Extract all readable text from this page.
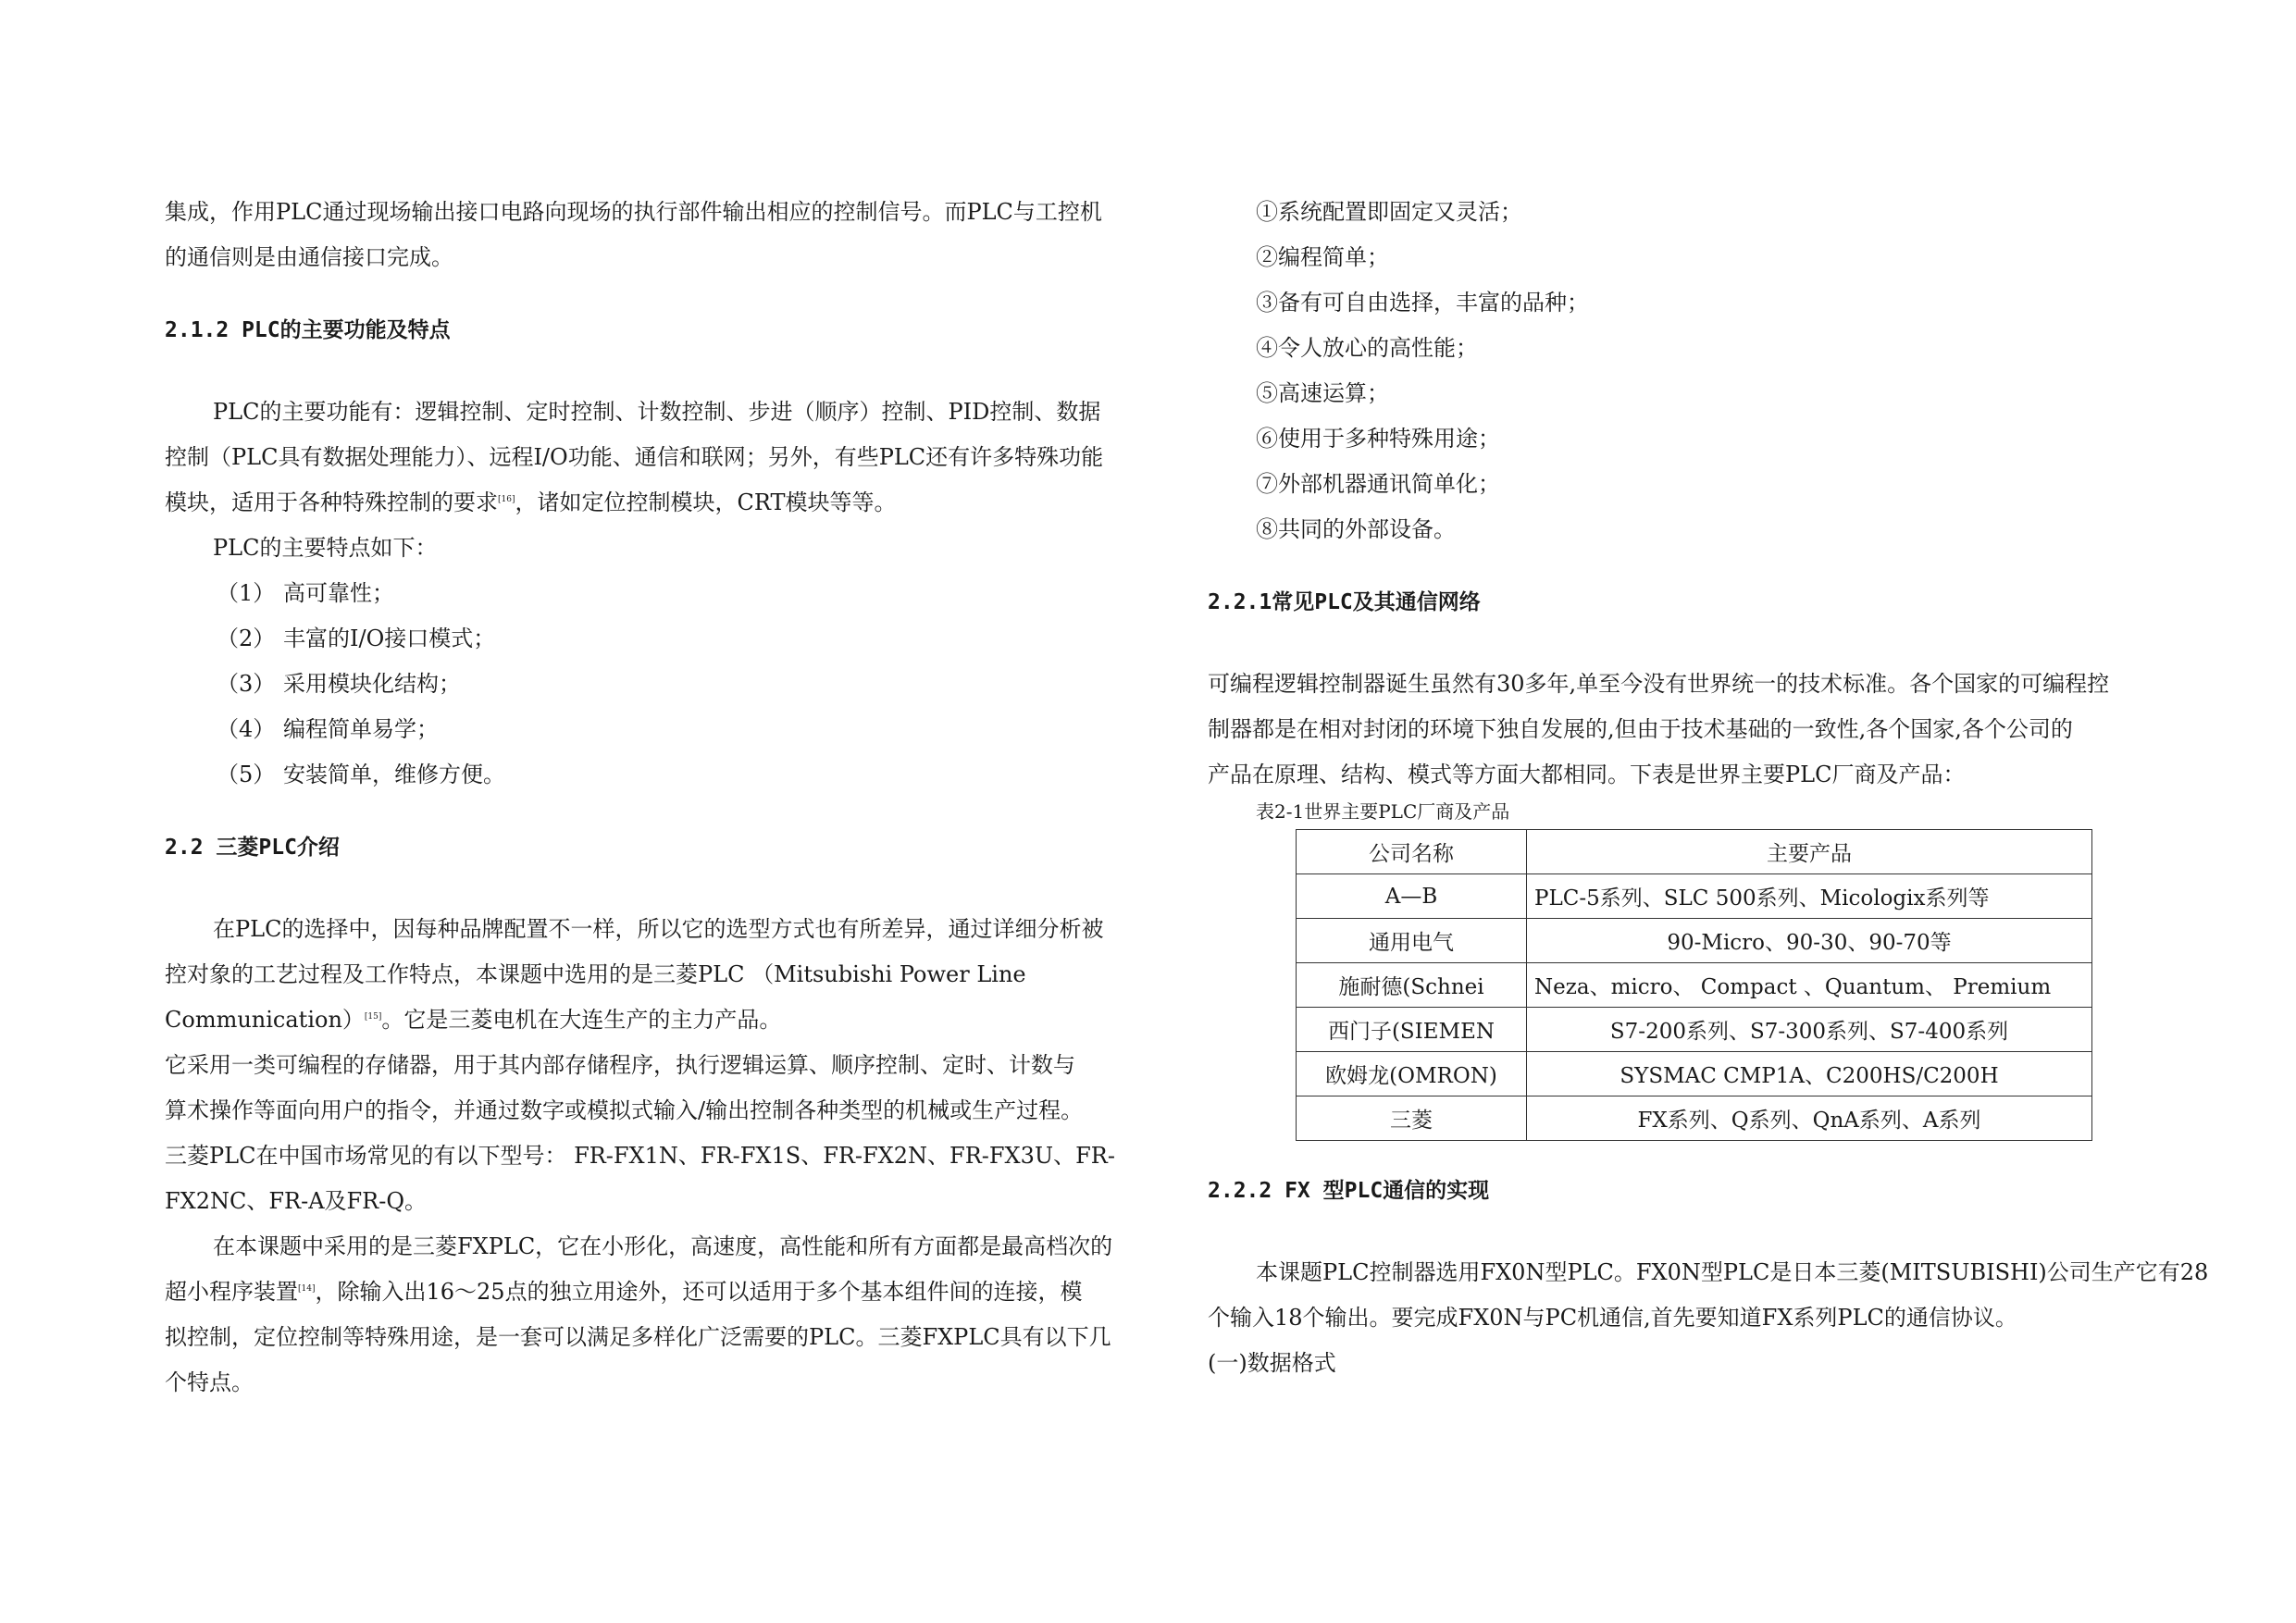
集成，作用PLC通过现场输出接口电路向现场的执行部件输出相应的控制信号。而PLC与工控机

的通信则是由通信接口完成。

2.1.2 PLC的主要功能及特点

PLC的主要功能有：逻辑控制、定时控制、计数控制、步进（顺序）控制、PID控制、数据

控制（PLC具有数据处理能力）、远程I/O功能、通信和联网；另外，有些PLC还有许多特殊功能

模块，适用于各种特殊控制的要求[16]，诸如定位控制模块，CRT模块等等。

PLC的主要特点如下：

（1） 高可靠性；
（2） 丰富的I/O接口模式；
（3） 采用模块化结构；
（4） 编程简单易学；
（5） 安装简单，维修方便。

2.2 三菱PLC介绍

在PLC的选择中，因每种品牌配置不一样，所以它的选型方式也有所差异，通过详细分析被

控对象的工艺过程及工作特点，本课题中选用的是三菱PLC （Mitsubishi Power Line

Communication）[15]。它是三菱电机在大连生产的主力产品。

它采用一类可编程的存储器，用于其内部存储程序，执行逻辑运算、顺序控制、定时、计数与

算术操作等面向用户的指令，并通过数字或模拟式输入/输出控制各种类型的机械或生产过程。

三菱PLC在中国市场常见的有以下型号： FR-FX1N、FR-FX1S、FR-FX2N、FR-FX3U、FR-

FX2NC、FR-A及FR-Q。

在本课题中采用的是三菱FXPLC，它在小形化，高速度，高性能和所有方面都是最高档次的

超小程序装置[14]，除输入出16～25点的独立用途外，还可以适用于多个基本组件间的连接，模

拟控制，定位控制等特殊用途，是一套可以满足多样化广泛需要的PLC。三菱FXPLC具有以下几

个特点。

①系统配置即固定又灵活；

②编程简单；

③备有可自由选择，丰富的品种；

④令人放心的高性能；

⑤高速运算；

⑥使用于多种特殊用途；

⑦外部机器通讯简单化；

⑧共同的外部设备。

2.2.1常见PLC及其通信网络

可编程逻辑控制器诞生虽然有30多年,单至今没有世界统一的技术标准。各个国家的可编程控

制器都是在相对封闭的环境下独自发展的,但由于技术基础的一致性,各个国家,各个公司的

产品在原理、结构、模式等方面大都相同。下表是世界主要PLC厂商及产品：

表2-1世界主要PLC厂商及产品

公司名称	主要产品
A—B	PLC-5系列、SLC 500系列、Micologix系列等
通用电气	90-Micro、90-30、90-70等
施耐德(Schnei	Neza、micro、 Compact 、Quantum、 Premium
西门子(SIEMEN	S7-200系列、S7-300系列、S7-400系列
欧姆龙(OMRON)	SYSMAC CMP1A、C200HS/C200H
三菱	FX系列、Q系列、QnA系列、A系列

2.2.2 FX 型PLC通信的实现

本课题PLC控制器选用FX0N型PLC。FX0N型PLC是日本三菱(MITSUBISHI)公司生产它有28

个输入18个输出。要完成FX0N与PC机通信,首先要知道FX系列PLC的通信协议。

(一)数据格式
